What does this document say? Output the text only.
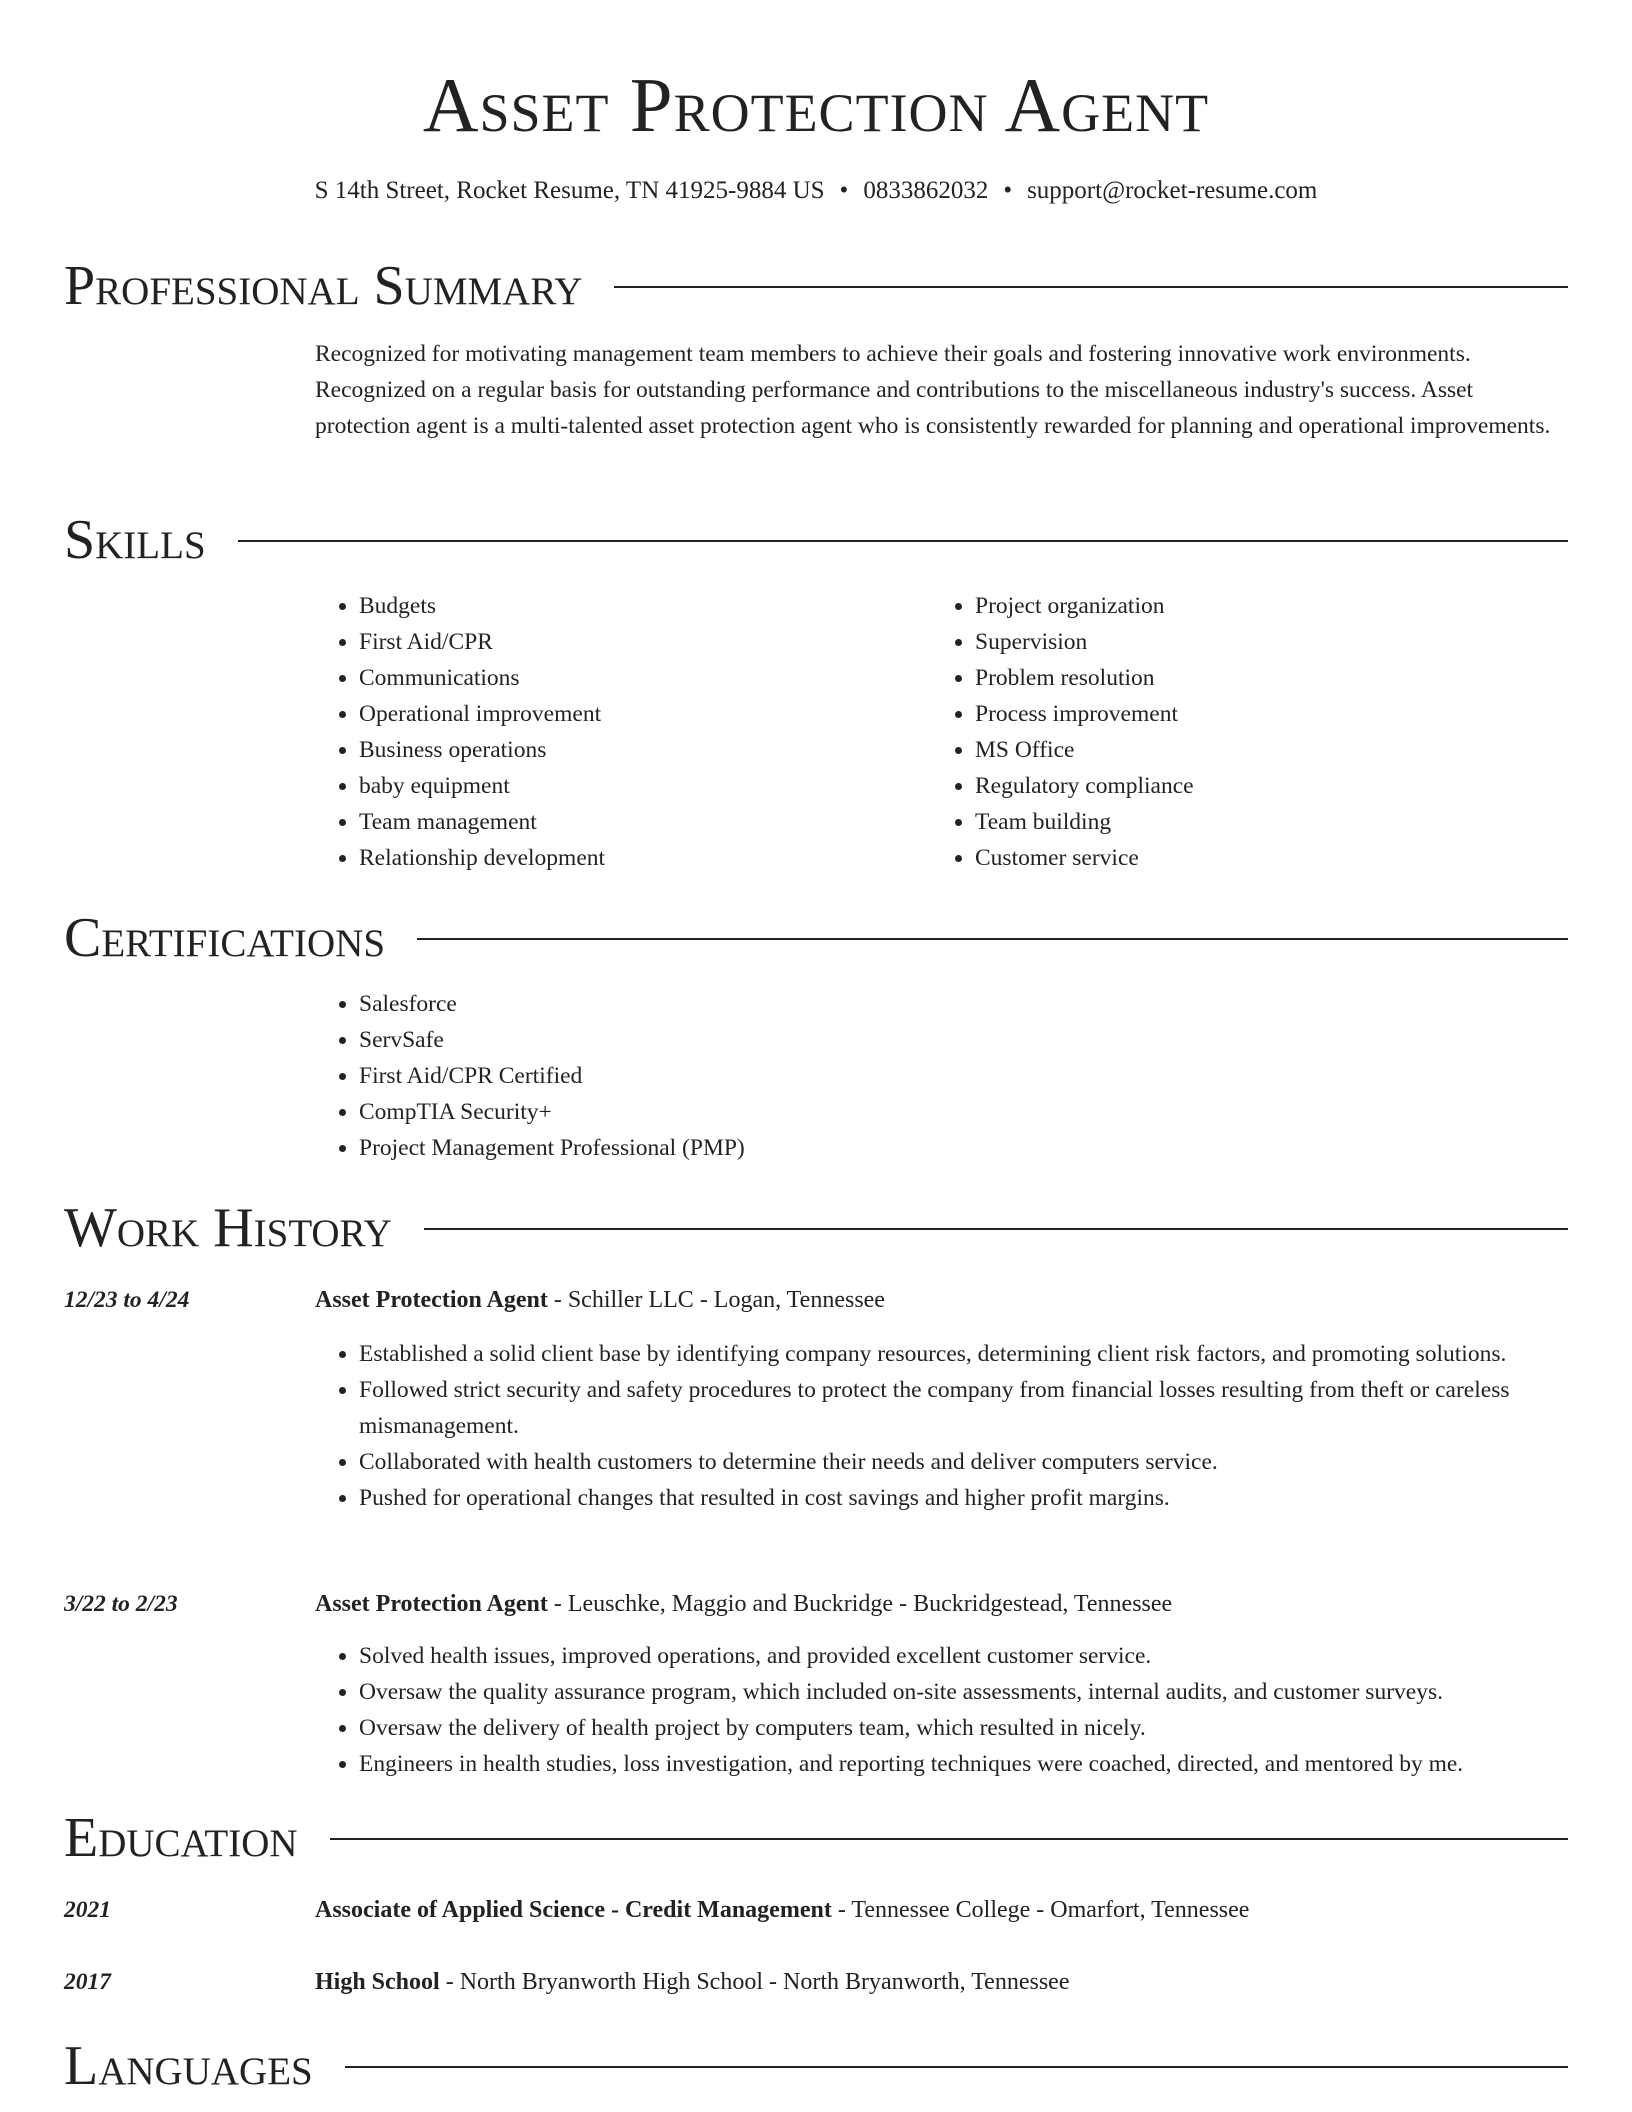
Asset Protection Agent
S 14th Street, Rocket Resume, TN 41925-9884 US • 0833862032 • support@rocket-resume.com
Professional Summary
Recognized for motivating management team members to achieve their goals and fostering innovative work environments. Recognized on a regular basis for outstanding performance and contributions to the miscellaneous industry's success. Asset protection agent is a multi-talented asset protection agent who is consistently rewarded for planning and operational improvements.
Skills
• Budgets
• First Aid/CPR
• Communications
• Operational improvement
• Business operations
• baby equipment
• Team management
• Relationship development
• Project organization
• Supervision
• Problem resolution
• Process improvement
• MS Office
• Regulatory compliance
• Team building
• Customer service
Certifications
• Salesforce
• ServSafe
• First Aid/CPR Certified
• CompTIA Security+
• Project Management Professional (PMP)
Work History
12/23 to 4/24	Asset Protection Agent - Schiller LLC - Logan, Tennessee
• Established a solid client base by identifying company resources, determining client risk factors, and promoting solutions.
• Followed strict security and safety procedures to protect the company from financial losses resulting from theft or careless mismanagement.
• Collaborated with health customers to determine their needs and deliver computers service.
• Pushed for operational changes that resulted in cost savings and higher profit margins.
3/22 to 2/23	Asset Protection Agent - Leuschke, Maggio and Buckridge - Buckridgestead, Tennessee
• Solved health issues, improved operations, and provided excellent customer service.
• Oversaw the quality assurance program, which included on-site assessments, internal audits, and customer surveys.
• Oversaw the delivery of health project by computers team, which resulted in nicely.
• Engineers in health studies, loss investigation, and reporting techniques were coached, directed, and mentored by me.
Education
2021	Associate of Applied Science - Credit Management - Tennessee College - Omarfort, Tennessee
2017	High School - North Bryanworth High School - North Bryanworth, Tennessee
Languages
